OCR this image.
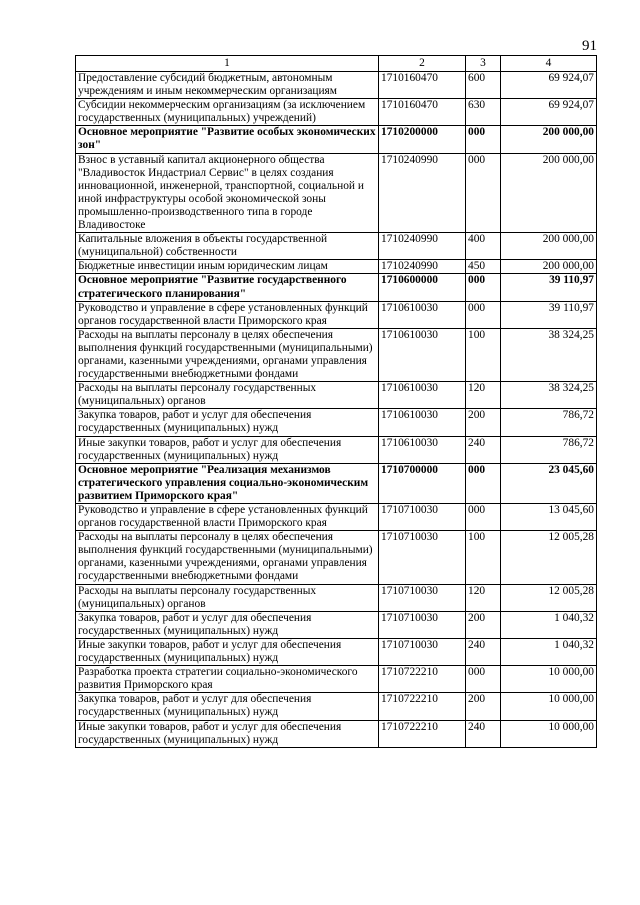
91
1	2	3	4
Предоставление субсидий бюджетным, автономным учреждениям и иным некоммерческим организациям	1710160470	600	69 924,07
Субсидии некоммерческим организациям (за исключением государственных (муниципальных) учреждений)	1710160470	630	69 924,07
Основное мероприятие "Развитие особых экономических зон"	1710200000	000	200 000,00
Взнос в уставный капитал акционерного общества "Владивосток Индастриал Сервис" в целях создания инновационной, инженерной, транспортной, социальной и иной инфраструктуры особой экономической зоны промышленно-производственного типа в городе Владивостоке	1710240990	000	200 000,00
Капитальные вложения в объекты государственной (муниципальной) собственности	1710240990	400	200 000,00
Бюджетные инвестиции иным юридическим лицам	1710240990	450	200 000,00
Основное мероприятие "Развитие государственного стратегического планирования"	1710600000	000	39 110,97
Руководство и управление в сфере установленных функций органов государственной власти Приморского края	1710610030	000	39 110,97
Расходы на выплаты персоналу в целях обеспечения выполнения функций государственными (муниципальными) органами, казенными учреждениями, органами управления государственными внебюджетными фондами	1710610030	100	38 324,25
Расходы на выплаты персоналу государственных (муниципальных) органов	1710610030	120	38 324,25
Закупка товаров, работ и услуг для обеспечения государственных (муниципальных) нужд	1710610030	200	786,72
Иные закупки товаров, работ и услуг для обеспечения государственных (муниципальных) нужд	1710610030	240	786,72
Основное мероприятие "Реализация механизмов стратегического управления социально-экономическим развитием Приморского края"	1710700000	000	23 045,60
Руководство и управление в сфере установленных функций органов государственной власти Приморского края	1710710030	000	13 045,60
Расходы на выплаты персоналу в целях обеспечения выполнения функций государственными (муниципальными) органами, казенными учреждениями, органами управления государственными внебюджетными фондами	1710710030	100	12 005,28
Расходы на выплаты персоналу государственных (муниципальных) органов	1710710030	120	12 005,28
Закупка товаров, работ и услуг для обеспечения государственных (муниципальных) нужд	1710710030	200	1 040,32
Иные закупки товаров, работ и услуг для обеспечения государственных (муниципальных) нужд	1710710030	240	1 040,32
Разработка проекта стратегии социально-экономического развития Приморского края	1710722210	000	10 000,00
Закупка товаров, работ и услуг для обеспечения государственных (муниципальных) нужд	1710722210	200	10 000,00
Иные закупки товаров, работ и услуг для обеспечения государственных (муниципальных) нужд	1710722210	240	10 000,00
